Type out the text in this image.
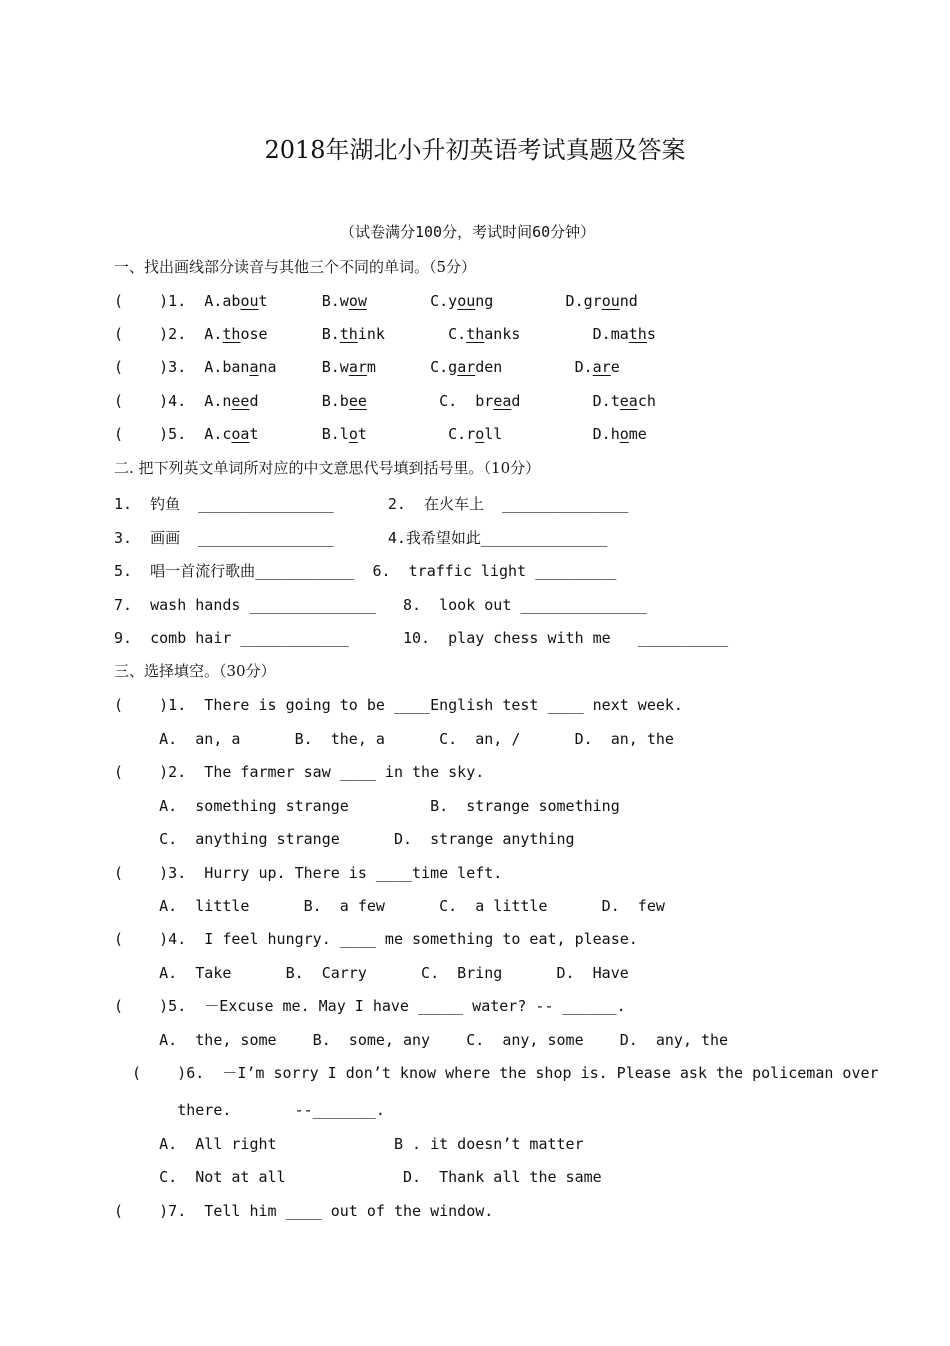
2018年湖北小升初英语考试真题及答案
（试卷满分100分，考试时间60分钟）
一、找出画线部分读音与其他三个不同的单词。（5分）
(    )1.  A.about      B.wow       C.young        D.ground
(    )2.  A.those      B.think       C.thanks        D.maths
(    )3.  A.banana     B.warm      C.garden        D.are
(    )4.  A.need       B.bee        C.  bread        D.teach
(    )5.  A.coat       B.lot         C.roll          D.home
二. 把下列英文单词所对应的中文意思代号填到括号里。（10分）
1.  钓鱼  _______________      2.  在火车上  ______________
3.  画画  _______________      4.我希望如此______________
5.  唱一首流行歌曲___________  6.  traffic light _________
7.  wash hands ______________   8.  look out ______________
9.  comb hair ____________      10.  play chess with me   __________
三、选择填空。（30分）
(    )1.  There is going to be ____English test ____ next week.
A.  an, a      B.  the, a      C.  an, /      D.  an, the
(    )2.  The farmer saw ____ in the sky.
A.  something strange         B.  strange something
C.  anything strange      D.  strange anything
(    )3.  Hurry up. There is ____time left.
A.  little      B.  a few      C.  a little      D.  few
(    )4.  I feel hungry. ____ me something to eat, please.
A.  Take      B.  Carry      C.  Bring      D.  Have
(    )5.  －Excuse me. May I have _____ water? -- ______.
A.  the, some    B.  some, any    C.  any, some    D.  any, the
(    )6.  －I’m sorry I don’t know where the shop is. Please ask the policeman over
there.       --_______.
A.  All right             B . it doesn’t matter
C.  Not at all             D.  Thank all the same
(    )7.  Tell him ____ out of the window.
